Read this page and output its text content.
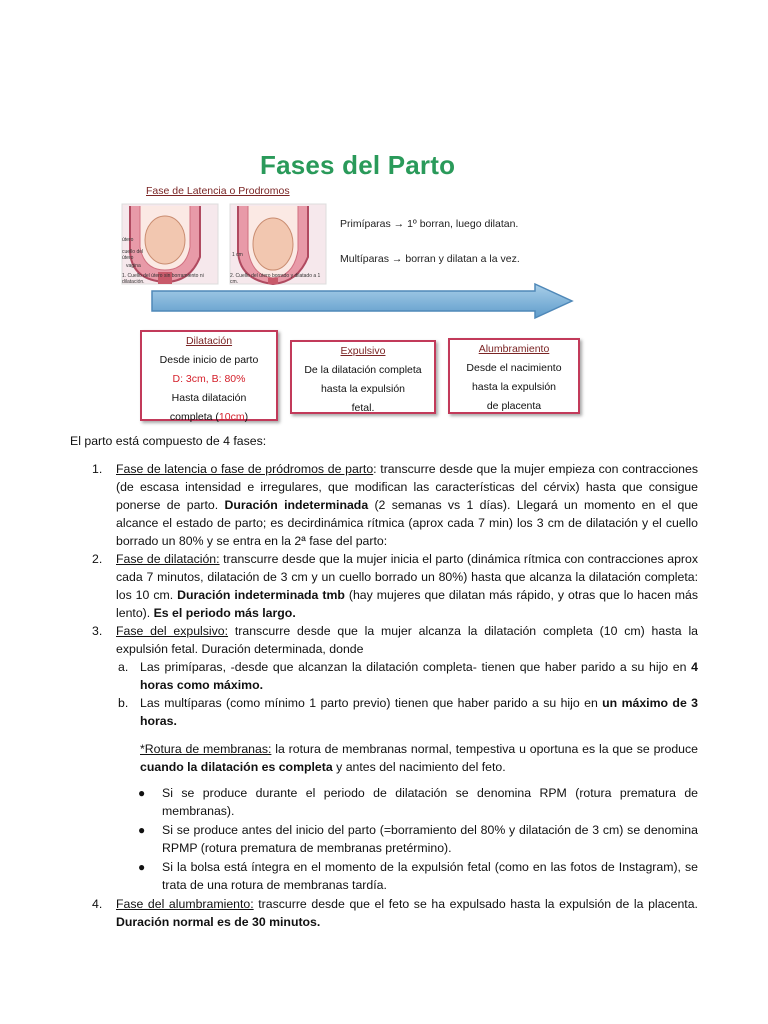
Fases del Parto
Fase de Latencia o Prodromos
útero
cuello del útero
vagina
1. Cuello del útero sin borramiento ni dilatación.
1 cm
2. Cuello del útero borrado y dilatado a 1 cm.
Primíparas → 1º borran, luego dilatan.
Multíparas → borran y dilatan a la vez.
Dilatación
Desde inicio de parto
D: 3cm, B: 80%
Hasta dilatación
completa (10cm)
Expulsivo
De la dilatación completa
hasta la expulsión
fetal.
Alumbramiento
Desde el nacimiento
hasta la expulsión
de placenta
El parto está compuesto de 4 fases:
1. Fase de latencia o fase de pródromos de parto: transcurre desde que la mujer empieza con contracciones (de escasa intensidad e irregulares, que modifican las características del cérvix) hasta que consigue ponerse de parto. Duración indeterminada (2 semanas vs 1 días). Llegará un momento en el que alcance el estado de parto; es decirdinámica rítmica (aprox cada 7 min) los 3 cm de dilatación y el cuello borrado un 80% y se entra en la 2ª fase del parto:
2. Fase de dilatación: transcurre desde que la mujer inicia el parto (dinámica rítmica con contracciones aprox cada 7 minutos, dilatación de 3 cm y un cuello borrado un 80%) hasta que alcanza la dilatación completa: los 10 cm. Duración indeterminada tmb (hay mujeres que dilatan más rápido, y otras que lo hacen más lento). Es el periodo más largo.
3. Fase del expulsivo: transcurre desde que la mujer alcanza la dilatación completa (10 cm) hasta la expulsión fetal. Duración determinada, donde
a. Las primíparas, -desde que alcanzan la dilatación completa- tienen que haber parido a su hijo en 4 horas como máximo.
b. Las multíparas (como mínimo 1 parto previo) tienen que haber parido a su hijo en un máximo de 3 horas.
*Rotura de membranas: la rotura de membranas normal, tempestiva u oportuna es la que se produce cuando la dilatación es completa y antes del nacimiento del feto.
● Si se produce durante el periodo de dilatación se denomina RPM (rotura prematura de membranas).
● Si se produce antes del inicio del parto (=borramiento del 80% y dilatación de 3 cm) se denomina RPMP (rotura prematura de membranas pretérmino).
● Si la bolsa está íntegra en el momento de la expulsión fetal (como en las fotos de Instagram), se trata de una rotura de membranas tardía.
4. Fase del alumbramiento: trascurre desde que el feto se ha expulsado hasta la expulsión de la placenta. Duración normal es de 30 minutos.
